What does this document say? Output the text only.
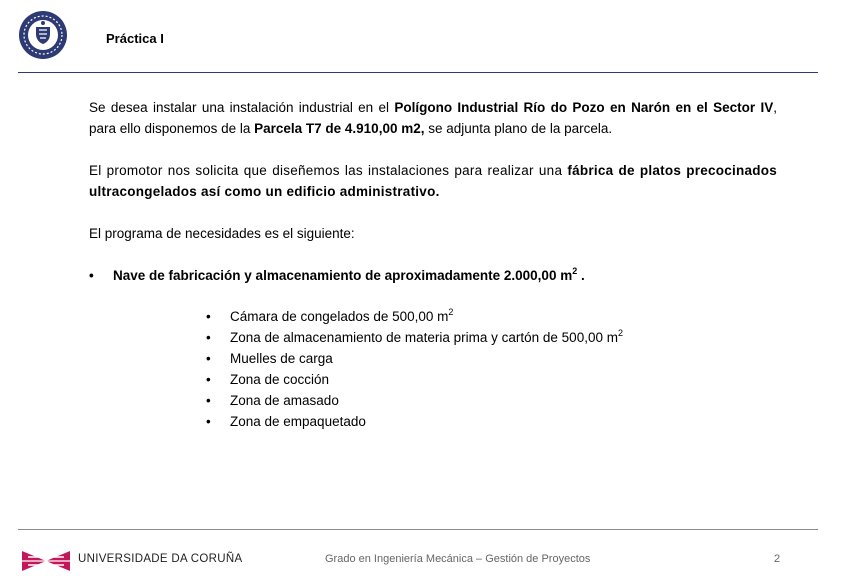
Práctica I

Se desea instalar una instalación industrial en el Polígono Industrial Río do Pozo en Narón en el Sector IV, para ello disponemos de la Parcela T7 de 4.910,00 m2, se adjunta plano de la parcela.

El promotor nos solicita que diseñemos las instalaciones para realizar una fábrica de platos precocinados ultracongelados así como un edificio administrativo.

El programa de necesidades es el siguiente:

• Nave de fabricación y almacenamiento de aproximadamente 2.000,00 $m^2$ .
• Cámara de congelados de 500,00 $m^2$
• Zona de almacenamiento de materia prima y cartón de 500,00 $m^2$
• Muelles de carga
• Zona de cocción
• Zona de amasado
• Zona de empaquetado
UNIVERSIDADE DA CORUÑA	Grado en Ingeniería Mecánica – Gestión de Proyectos	2
